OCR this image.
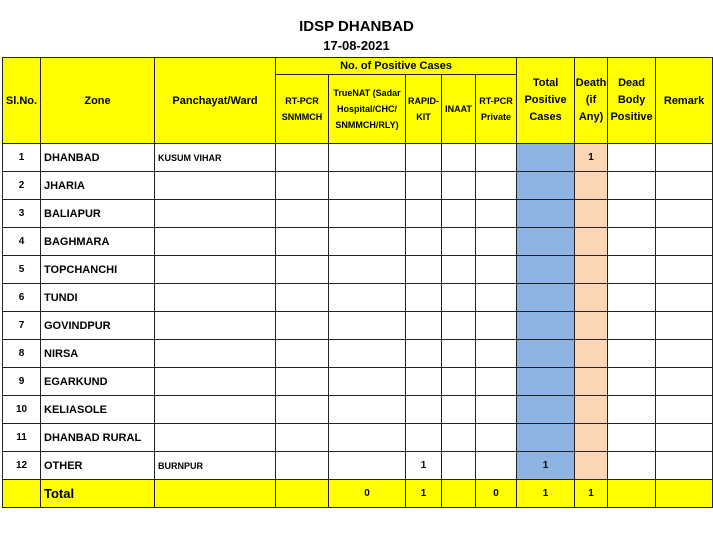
IDSP DHANBAD
17-08-2021
Sl.No.	Zone	Panchayat/Ward	No. of Positive Cases					Total Positive Cases	Death (if Any)	Dead Body Positive	Remark
			RT-PCR SNMMCH	TrueNAT (Sadar Hospital/CHC/ SNMMCH/RLY)	RAPID- KIT	INAAT	RT-PCR Private				
1	DHANBAD	KUSUM VIHAR							1		
2	JHARIA										
3	BALIAPUR										
4	BAGHMARA										
5	TOPCHANCHI										
6	TUNDI										
7	GOVINDPUR										
8	NIRSA										
9	EGARKUND										
10	KELIASOLE										
11	DHANBAD RURAL										
12	OTHER	BURNPUR			1			1			
	Total			0	1		0	1	1		
